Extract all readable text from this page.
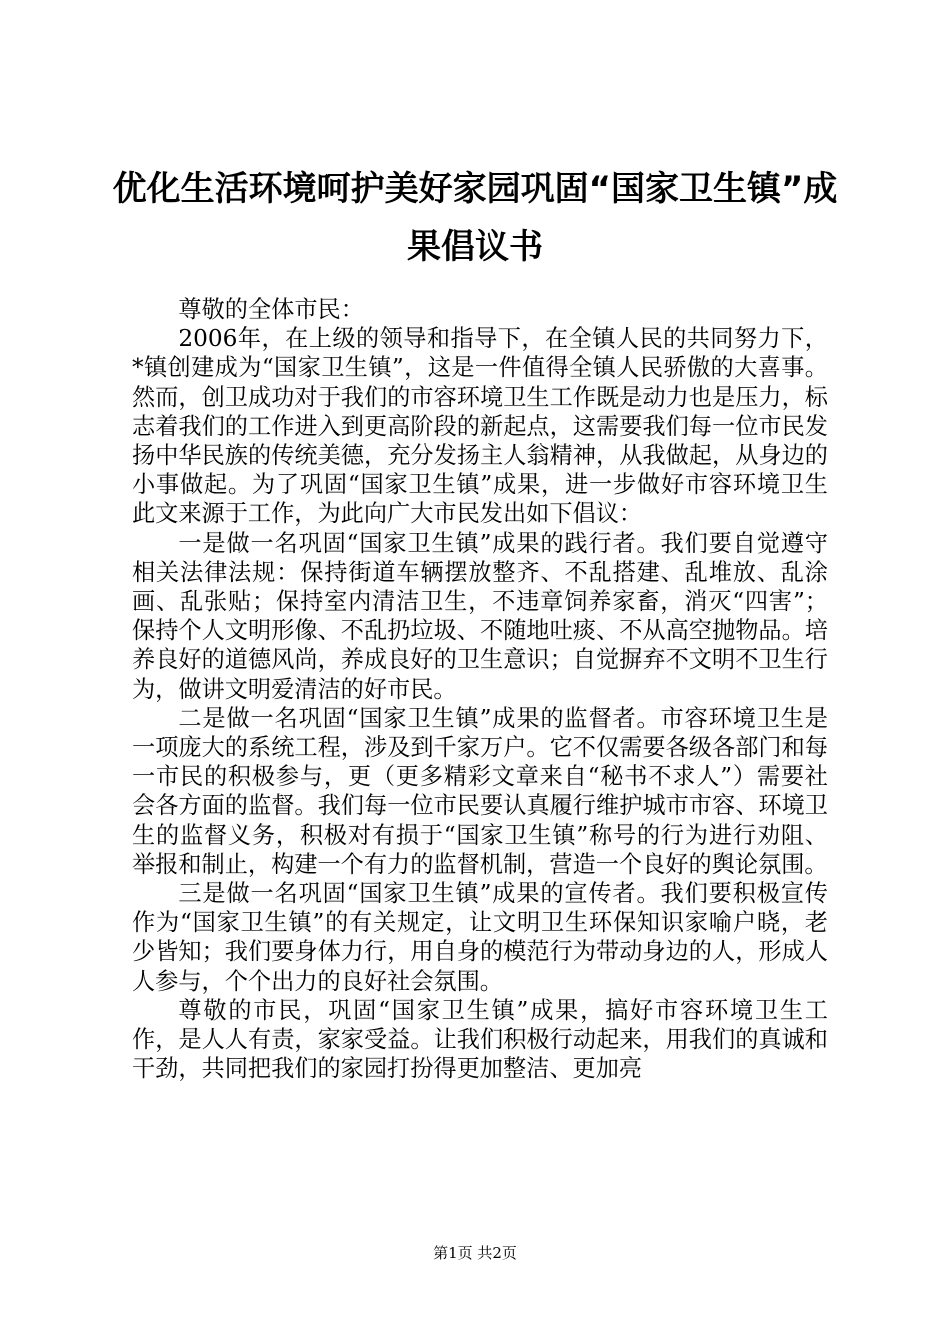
优化生活环境呵护美好家园巩固“国家卫生镇”成果倡议书

尊敬的全体市民：

2006年，在上级的领导和指导下，在全镇人民的共同努力下，*镇创建成为“国家卫生镇”，这是一件值得全镇人民骄傲的大喜事。然而，创卫成功对于我们的市容环境卫生工作既是动力也是压力，标志着我们的工作进入到更高阶段的新起点，这需要我们每一位市民发扬中华民族的传统美德，充分发扬主人翁精神，从我做起，从身边的小事做起。为了巩固“国家卫生镇”成果，进一步做好市容环境卫生此文来源于工作，为此向广大市民发出如下倡议：

一是做一名巩固“国家卫生镇”成果的践行者。我们要自觉遵守相关法律法规：保持街道车辆摆放整齐、不乱搭建、乱堆放、乱涂画、乱张贴；保持室内清洁卫生，不违章饲养家畜，消灭“四害”；保持个人文明形像、不乱扔垃圾、不随地吐痰、不从高空抛物品。培养良好的道德风尚，养成良好的卫生意识；自觉摒弃不文明不卫生行为，做讲文明爱清洁的好市民。

二是做一名巩固“国家卫生镇”成果的监督者。市容环境卫生是一项庞大的系统工程，涉及到千家万户。它不仅需要各级各部门和每一市民的积极参与，更（更多精彩文章来自“秘书不求人”）需要社会各方面的监督。我们每一位市民要认真履行维护城市市容、环境卫生的监督义务，积极对有损于“国家卫生镇”称号的行为进行劝阻、举报和制止，构建一个有力的监督机制，营造一个良好的舆论氛围。

三是做一名巩固“国家卫生镇”成果的宣传者。我们要积极宣传作为“国家卫生镇”的有关规定，让文明卫生环保知识家喻户晓，老少皆知；我们要身体力行，用自身的模范行为带动身边的人，形成人人参与，个个出力的良好社会氛围。

尊敬的市民，巩固“国家卫生镇”成果，搞好市容环境卫生工作，是人人有责，家家受益。让我们积极行动起来，用我们的真诚和干劲，共同把我们的家园打扮得更加整洁、更加亮

第1页 共2页
